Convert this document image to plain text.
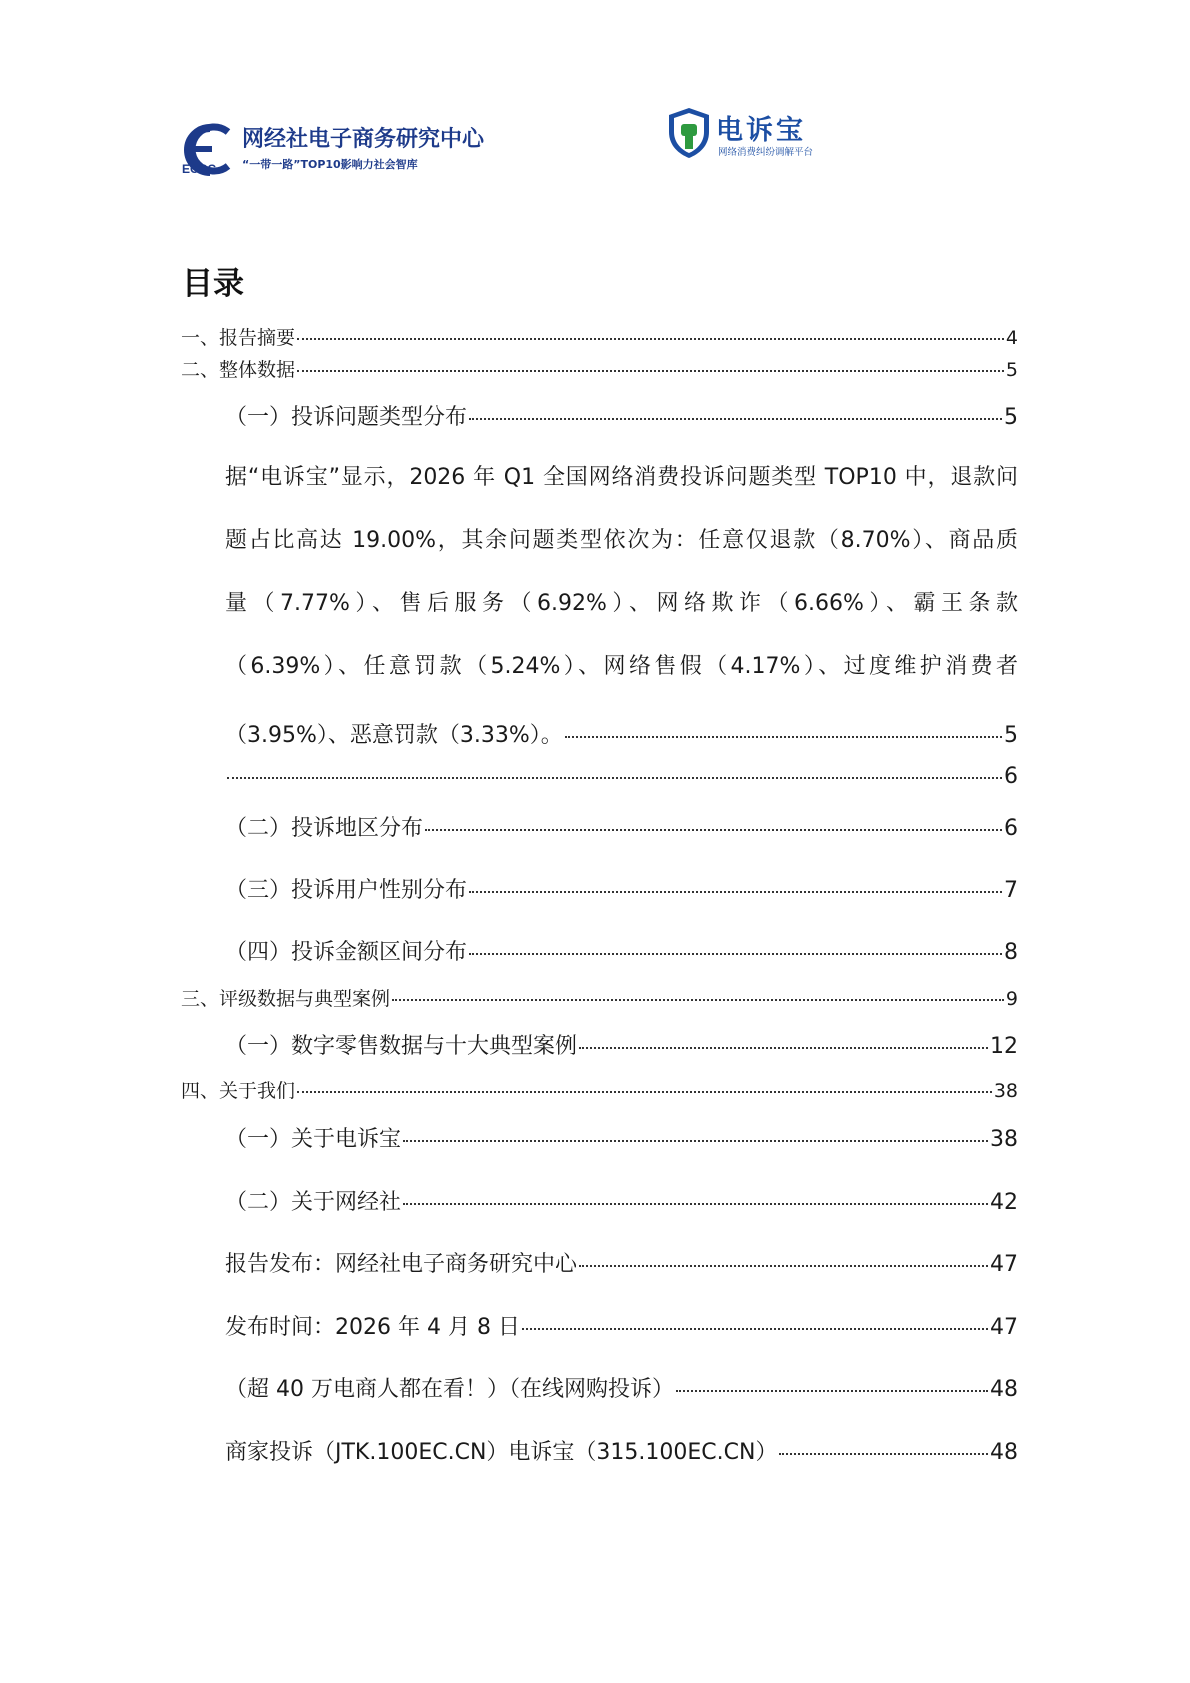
ECRC
网经社电子商务研究中心
“一带一路”TOP10影响力社会智库
电诉宝
网络消费纠纷调解平台
目录
一、报告摘要	4
二、整体数据	5
（一）投诉问题类型分布	5
据“电诉宝”显示，2026 年 Q1 全国网络消费投诉问题类型 TOP10 中，退款问
题占比高达 19.00%，其余问题类型依次为：任意仅退款（8.70%）、商品质
量（7.77%）、售后服务（6.92%）、网络欺诈（6.66%）、霸王条款
（6.39%）、任意罚款（5.24%）、网络售假（4.17%）、过度维护消费者
（3.95%）、恶意罚款（3.33%）。	5
6
（二）投诉地区分布	6
（三）投诉用户性别分布	7
（四）投诉金额区间分布	8
三、评级数据与典型案例	9
（一）数字零售数据与十大典型案例	12
四、关于我们	38
（一）关于电诉宝	38
（二）关于网经社	42
报告发布：网经社电子商务研究中心	47
发布时间：2026 年 4 月 8 日	47
（超 40 万电商人都在看！）（在线网购投诉）	48
商家投诉（JTK.100EC.CN）电诉宝（315.100EC.CN）	48
